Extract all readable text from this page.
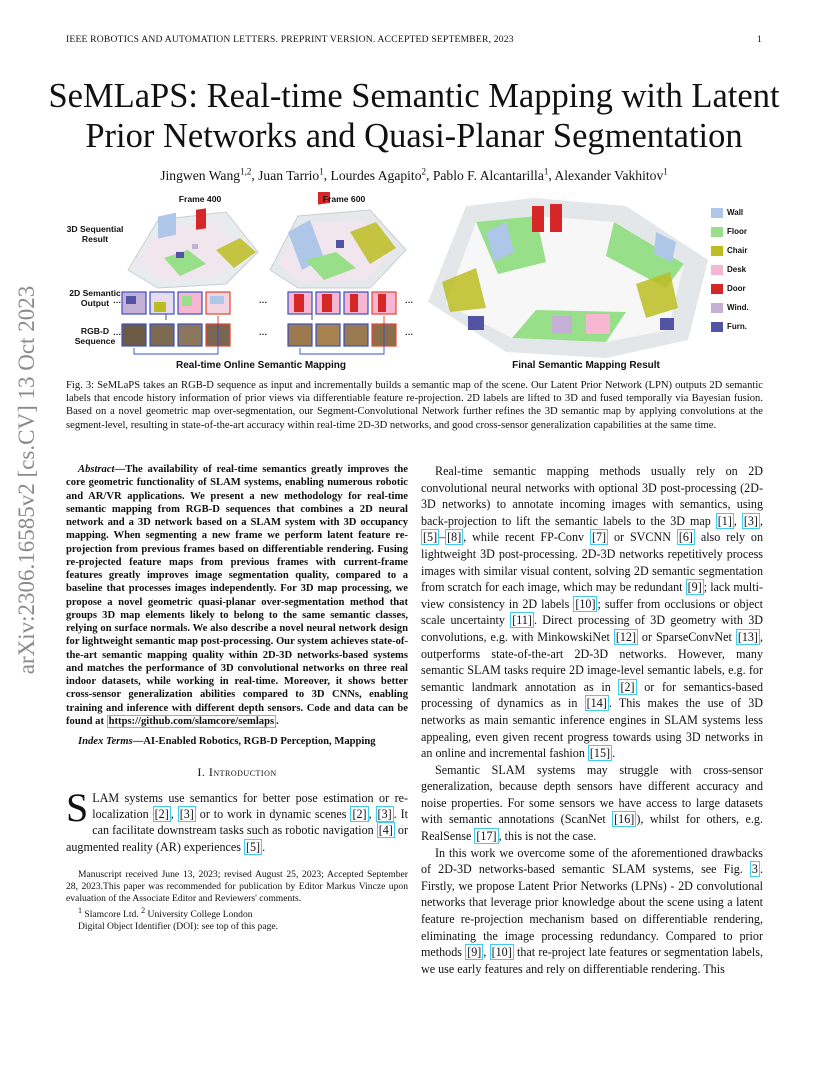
IEEE ROBOTICS AND AUTOMATION LETTERS. PREPRINT VERSION. ACCEPTED SEPTEMBER, 2023	1
SeMLaPS: Real-time Semantic Mapping with Latent Prior Networks and Quasi-Planar Segmentation
Jingwen Wang$^{1,2}$, Juan Tarrio$^1$, Lourdes Agapito$^2$, Pablo F. Alcantarilla$^1$, Alexander Vakhitov$^1$
arXiv:2306.16585v2 [cs.CV] 13 Oct 2023
Frame 400	Frame 600
3D Sequential Result
2D Semantic Output
RGB-D Sequence
…	…	…
…	…	…
Real-time Online Semantic Mapping	Final Semantic Mapping Result
Wall
Floor
Chair
Desk
Door
Wind.
Furn.
Fig. 3: SeMLaPS takes an RGB-D sequence as input and incrementally builds a semantic map of the scene. Our Latent Prior Network (LPN) outputs 2D semantic labels that encode history information of prior views via differentiable feature re-projection. 2D labels are lifted to 3D and fused temporally via Bayesian fusion. Based on a novel geometric map over-segmentation, our Segment-Convolutional Network further refines the 3D semantic map by applying convolutions at the segment-level, resulting in state-of-the-art accuracy within real-time 2D-3D networks, and good cross-sensor generalization capabilities at the same time.

Abstract—The availability of real-time semantics greatly improves the core geometric functionality of SLAM systems, enabling numerous robotic and AR/VR applications. We present a new methodology for real-time semantic mapping from RGB-D sequences that combines a 2D neural network and a 3D network based on a SLAM system with 3D occupancy mapping. When segmenting a new frame we perform latent feature re-projection from previous frames based on differentiable rendering. Fusing re-projected feature maps from previous frames with current-frame features greatly improves image segmentation quality, compared to a baseline that processes images independently. For 3D map processing, we propose a novel geometric quasi-planar over-segmentation method that groups 3D map elements likely to belong to the same semantic classes, relying on surface normals. We also describe a novel neural network design for lightweight semantic map post-processing. Our system achieves state-of-the-art semantic mapping quality within 2D-3D networks-based systems and matches the performance of 3D convolutional networks on three real indoor datasets, while working in real-time. Moreover, it shows better cross-sensor generalization abilities compared to 3D CNNs, enabling training and inference with different depth sensors. Code and data can be found at https://github.com/slamcore/semlaps .

Index Terms—AI-Enabled Robotics, RGB-D Perception, Mapping

I. Introduction

SLAM systems use semantics for better pose estimation or re-localization [2] , [3] or to work in dynamic scenes [2] , [3] . It can facilitate downstream tasks such as robotic navigation [4] or augmented reality (AR) experiences [5] .

Manuscript received June 13, 2023; revised August 25, 2023; Accepted September 28, 2023.This paper was recommended for publication by Editor Markus Vincze upon evaluation of the Associate Editor and Reviewers' comments.

$^1$ Slamcore Ltd. $^2$ University College London

Digital Object Identifier (DOI): see top of this page.

Real-time semantic mapping methods usually rely on 2D convolutional neural networks with optional 3D post-processing (2D-3D networks) to annotate incoming images with semantics, using back-projection to lift the semantic labels to the 3D map [1] , [3] , [5] – [8] , while recent FP-Conv [7] or SVCNN [6] also rely on lightweight 3D post-processing. 2D-3D networks repetitively process images with similar visual content, solving 2D semantic segmentation from scratch for each image, which may be redundant [9] ; lack multi-view consistency in 2D labels [10] ; suffer from occlusions or object scale uncertainty [11] . Direct processing of 3D geometry with 3D convolutions, e.g. with MinkowskiNet [12] or SparseConvNet [13] , outperforms state-of-the-art 2D-3D networks. However, many semantic SLAM tasks require 2D image-level semantic labels, e.g. for semantic landmark annotation as in [2] or for semantics-based processing of dynamics as in [14] . This makes the use of 3D networks as main semantic inference engines in SLAM systems less appealing, even given recent progress towards using 3D networks in an online and incremental fashion [15] .

Semantic SLAM systems may struggle with cross-sensor generalization, because depth sensors have different accuracy and noise properties. For some sensors we have access to large datasets with semantic annotations (ScanNet [16] ), whilst for others, e.g. RealSense [17] , this is not the case.

In this work we overcome some of the aforementioned drawbacks of 2D-3D networks-based semantic SLAM systems, see Fig. 3 . Firstly, we propose Latent Prior Networks (LPNs) - 2D convolutional networks that leverage prior knowledge about the scene using a latent feature re-projection mechanism based on differentiable rendering, eliminating the image processing redundancy. Compared to prior methods [9] , [10] that re-project late features or segmentation labels, we use early features and rely on differentiable rendering. This
